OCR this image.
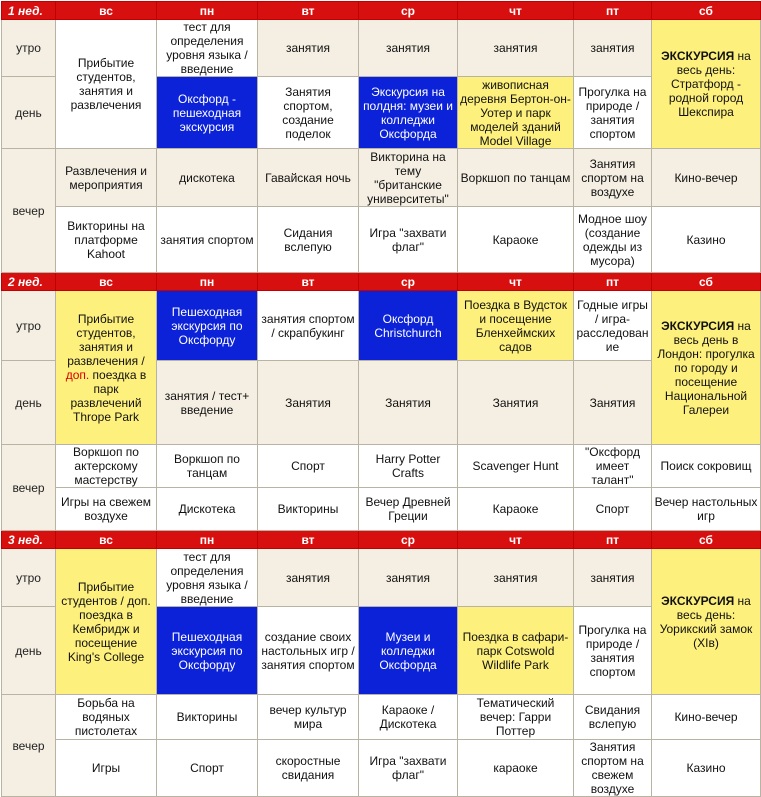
1 нед.	вс	пн	вт	ср	чт	пт	сб
утро	Прибытие студентов, занятия и развлечения	тест для определения уровня языка / введение	занятия	занятия	занятия	занятия	ЭКСКУРСИЯ на весь день: Стратфорд - родной город Шекспира
день		Оксфорд - пешеходная экскурсия	Занятия спортом, создание поделок	Экскурсия на полдня: музеи и колледжи Оксфорда	живописная деревня Бертон-он-Уотер и парк моделей зданий Model Village	Прогулка на природе /занятия спортом	
вечер	Развлечения и мероприятия	дискотека	Гавайская ночь	Викторина на тему "британские университеты"	Воркшоп по танцам	Занятия спортом на воздухе	Кино-вечер
	Викторины на платформе Kahoot	занятия спортом	Сидания вслепую	Игра "захвати флаг"	Караоке	Модное шоу (создание одежды из мусора)	Казино
2 нед.	вс	пн	вт	ср	чт	пт	сб
утро	Прибытие студентов, занятия и развлечения / доп. поездка в парк развлечений Thrope Park	Пешеходная экскурсия по Оксфорду	занятия спортом / скрапбукинг	Оксфорд Christchurch	Поездка в Вудсток и посещение Бленхеймских садов	Годные игры / игра-расследование	ЭКСКУРСИЯ на весь день в Лондон: прогулка по городу и посещение Национальной Галереи
день		занятия / тест+ введение	Занятия	Занятия	Занятия	Занятия	
вечер	Воркшоп по актерскому мастерству	Воркшоп по танцам	Спорт	Harry Potter Crafts	Scavenger Hunt	"Оксфорд имеет талант"	Поиск сокровищ
	Игры на свежем воздухе	Дискотека	Викторины	Вечер Древней Греции	Караоке	Спорт	Вечер настольных игр
3 нед.	вс	пн	вт	ср	чт	пт	сб
утро	Прибытие студентов / доп. поездка в Кембридж и посещение King's College	тест для определения уровня языка / введение	занятия	занятия	занятия	занятия	ЭКСКУРСИЯ на весь день: Уорикский замок (XIв)
день		Пешеходная экскурсия по Оксфорду	создание своих настольных игр / занятия спортом	Музеи и колледжи Оксфорда	Поездка в сафари-парк Cotswold Wildlife Park	Прогулка на природе / занятия спортом	
вечер	Борьба на водяных пистолетах	Викторины	вечер культур мира	Караоке / Дискотека	Тематический вечер: Гарри Поттер	Свидания вслепую	Кино-вечер
	Игры	Спорт	скоростные свидания	Игра "захвати флаг"	караоке	Занятия спортом на свежем воздухе	Казино
